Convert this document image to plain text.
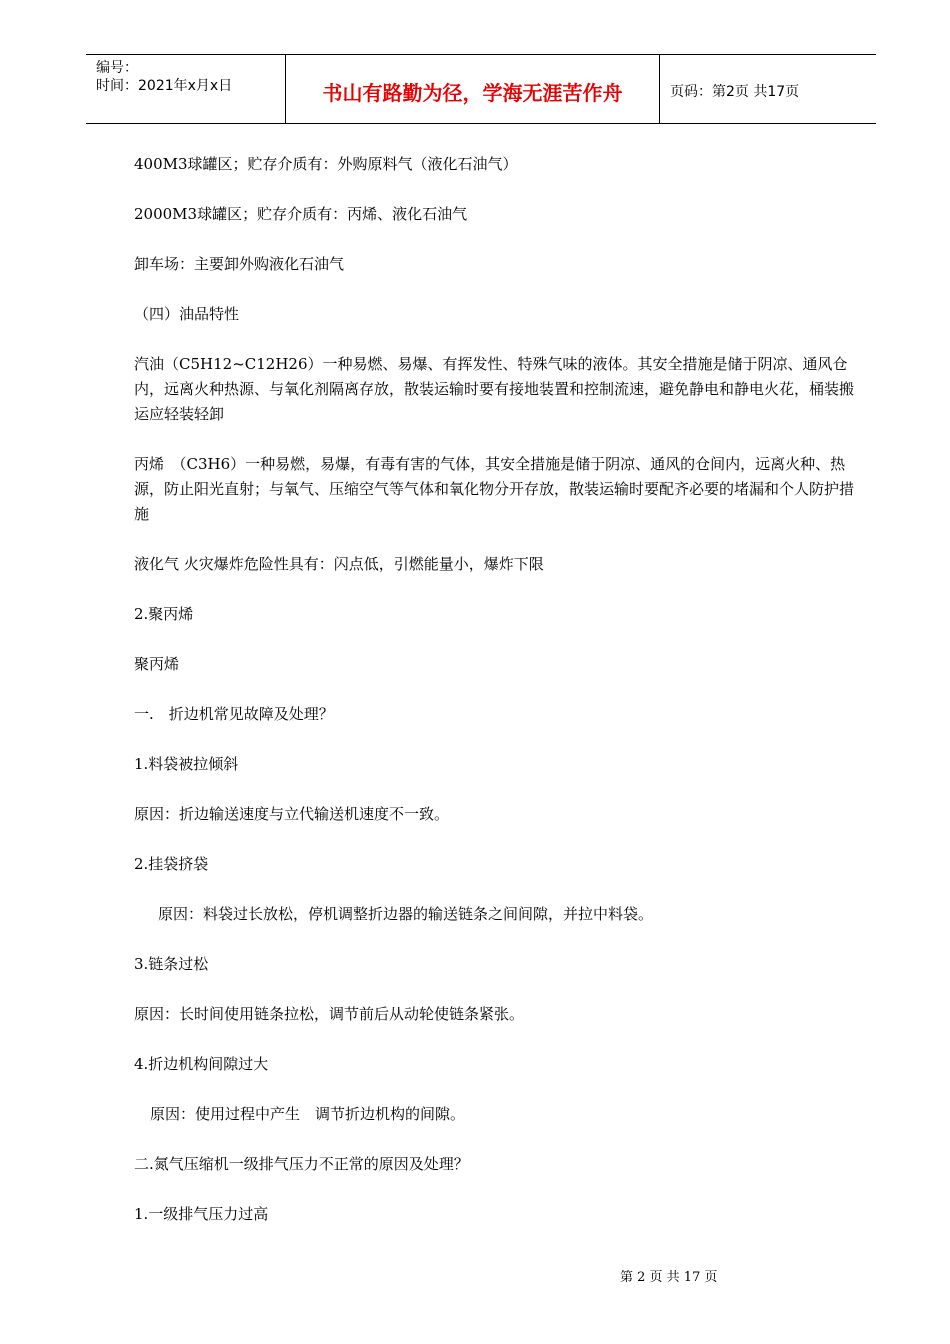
编号：
时间：2021年x月x日	书山有路勤为径，学海无涯苦作舟	页码：第2页 共17页

400M3球罐区；贮存介质有：外购原料气（液化石油气）

2000M3球罐区；贮存介质有：丙烯、液化石油气

卸车场：主要卸外购液化石油气

（四）油品特性

汽油（C5H12~C12H26）一种易燃、易爆、有挥发性、特殊气味的液体。其安全措施是储于阴凉、通风仓内，远离火种热源、与氧化剂隔离存放，散装运输时要有接地装置和控制流速，避免静电和静电火花，桶装搬运应轻装轻卸

丙烯　（C3H6）一种易燃，易爆，有毒有害的气体，其安全措施是储于阴凉、通风的仓间内，远离火种、热源，防止阳光直射；与氧气、压缩空气等气体和氧化物分开存放，散装运输时要配齐必要的堵漏和个人防护措施

液化气 火灾爆炸危险性具有：闪点低，引燃能量小，爆炸下限

2.聚丙烯

聚丙烯

一.　折边机常见故障及处理？

1.料袋被拉倾斜

原因：折边输送速度与立代输送机速度不一致。

2.挂袋挤袋

原因：料袋过长放松，停机调整折边器的输送链条之间间隙，并拉中料袋。

3.链条过松

原因：长时间使用链条拉松，调节前后从动轮使链条紧张。

4.折边机构间隙过大

原因：使用过程中产生　调节折边机构的间隙。

二.氮气压缩机一级排气压力不正常的原因及处理？

1.一级排气压力过高

第 2 页 共 17 页
